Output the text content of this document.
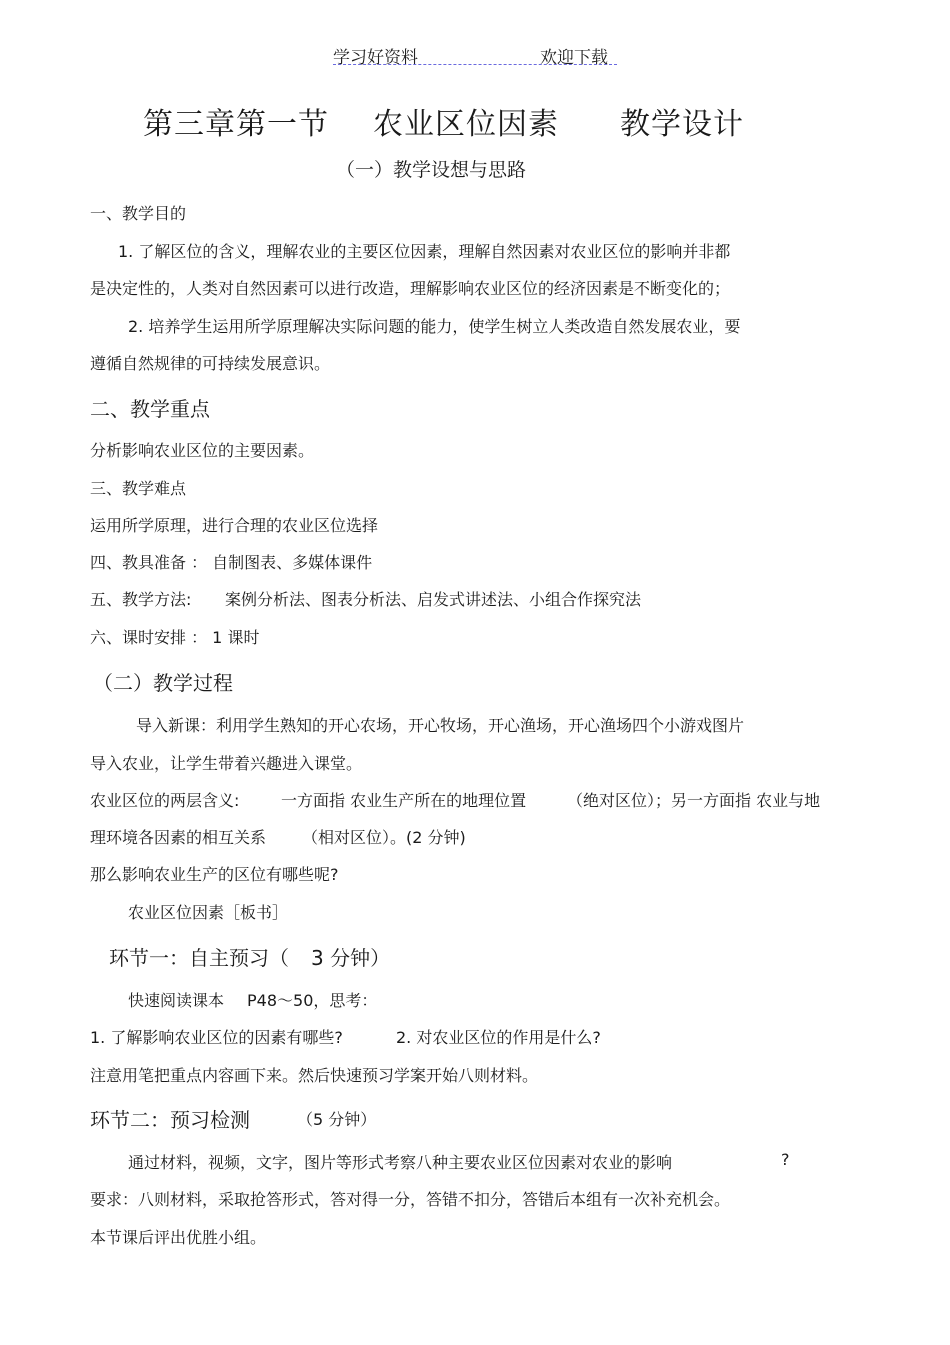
学习好资料	欢迎下载
第三章第一节 农业区位因素 教学设计
（一）教学设想与思路
一、教学目的
1. 了解区位的含义，理解农业的主要区位因素，理解自然因素对农业区位的影响并非都
是决定性的，人类对自然因素可以进行改造，理解影响农业区位的经济因素是不断变化的；
2. 培养学生运用所学原理解决实际问题的能力，使学生树立人类改造自然发展农业，要
遵循自然规律的可持续发展意识。
二、教学重点
分析影响农业区位的主要因素。
三、教学难点
运用所学原理，进行合理的农业区位选择
四、教具准备 ： 自制图表、多媒体课件
五、教学方法: 案例分析法、图表分析法、启发式讲述法、小组合作探究法
六、课时安排 ： 1 课时
（二）教学过程
导入新课：利用学生熟知的开心农场，开心牧场，开心渔场，开心渔场四个小游戏图片
导入农业，让学生带着兴趣进入课堂。
农业区位的两层含义:	一方面指 农业生产所在的地理位置	（绝对区位）；另一方面指 农业与地
理环境各因素的相互关系 （相对区位）。(2 分钟)
那么影响农业生产的区位有哪些呢?
农业区位因素［板书］
环节一：自主预习（ 3 分钟）
快速阅读课本 P48～50，思考：
1. 了解影响农业区位的因素有哪些?	2. 对农业区位的作用是什么?
注意用笔把重点内容画下来。然后快速预习学案开始八则材料。
环节二：预习检测	（5 分钟）
通过材料，视频，文字，图片等形式考察八种主要农业区位因素对农业的影响	?
要求：八则材料，采取抢答形式，答对得一分，答错不扣分，答错后本组有一次补充机会。
本节课后评出优胜小组。
